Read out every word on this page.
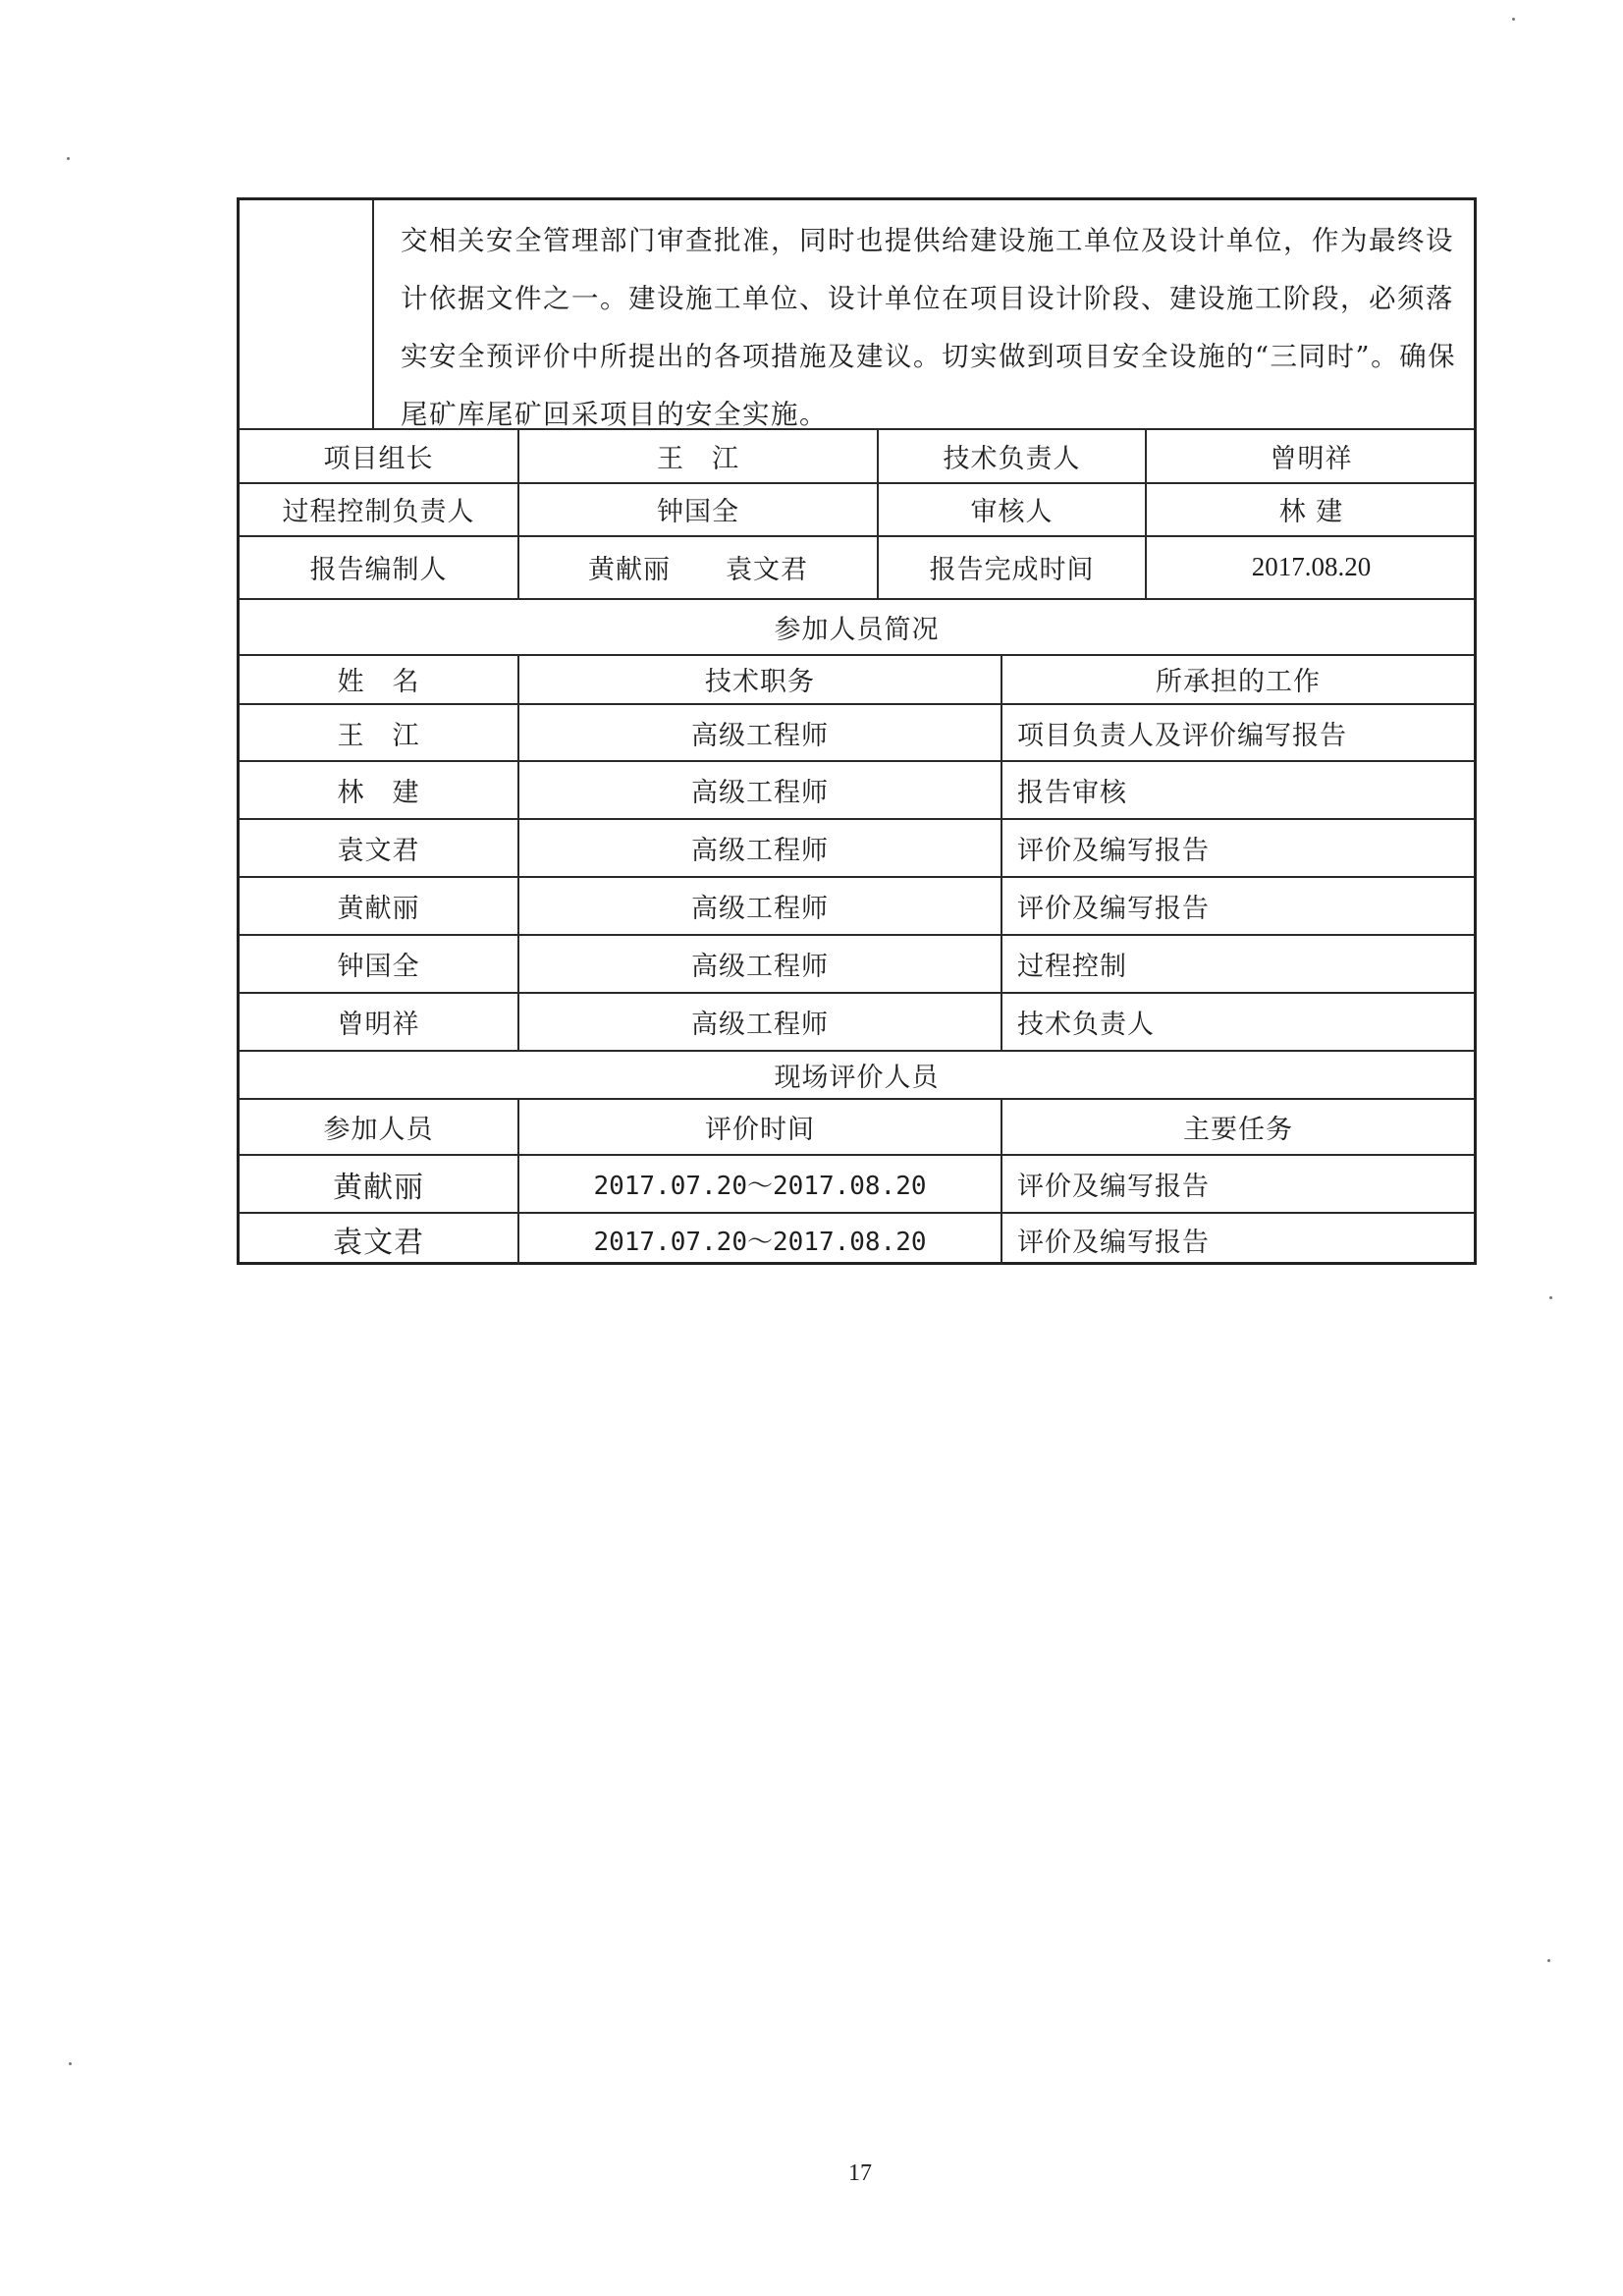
交相关安全管理部门审查批准，同时也提供给建设施工单位及设计单位，作为最终设
计依据文件之一。建设施工单位、设计单位在项目设计阶段、建设施工阶段，必须落
实安全预评价中所提出的各项措施及建议。切实做到项目安全设施的“三同时”。确保
尾矿库尾矿回采项目的安全实施。
项目组长	王　江	技术负责人	曾明祥
过程控制负责人	钟国全	审核人	林 建
报告编制人	黄献丽　　袁文君	报告完成时间	2017.08.20
参加人员简况
姓　名	技术职务	所承担的工作
王　江	高级工程师	项目负责人及评价编写报告
林　建	高级工程师	报告审核
袁文君	高级工程师	评价及编写报告
黄献丽	高级工程师	评价及编写报告
钟国全	高级工程师	过程控制
曾明祥	高级工程师	技术负责人
现场评价人员
参加人员	评价时间	主要任务
黄献丽	2017.07.20～2017.08.20	评价及编写报告
袁文君	2017.07.20～2017.08.20	评价及编写报告
17
